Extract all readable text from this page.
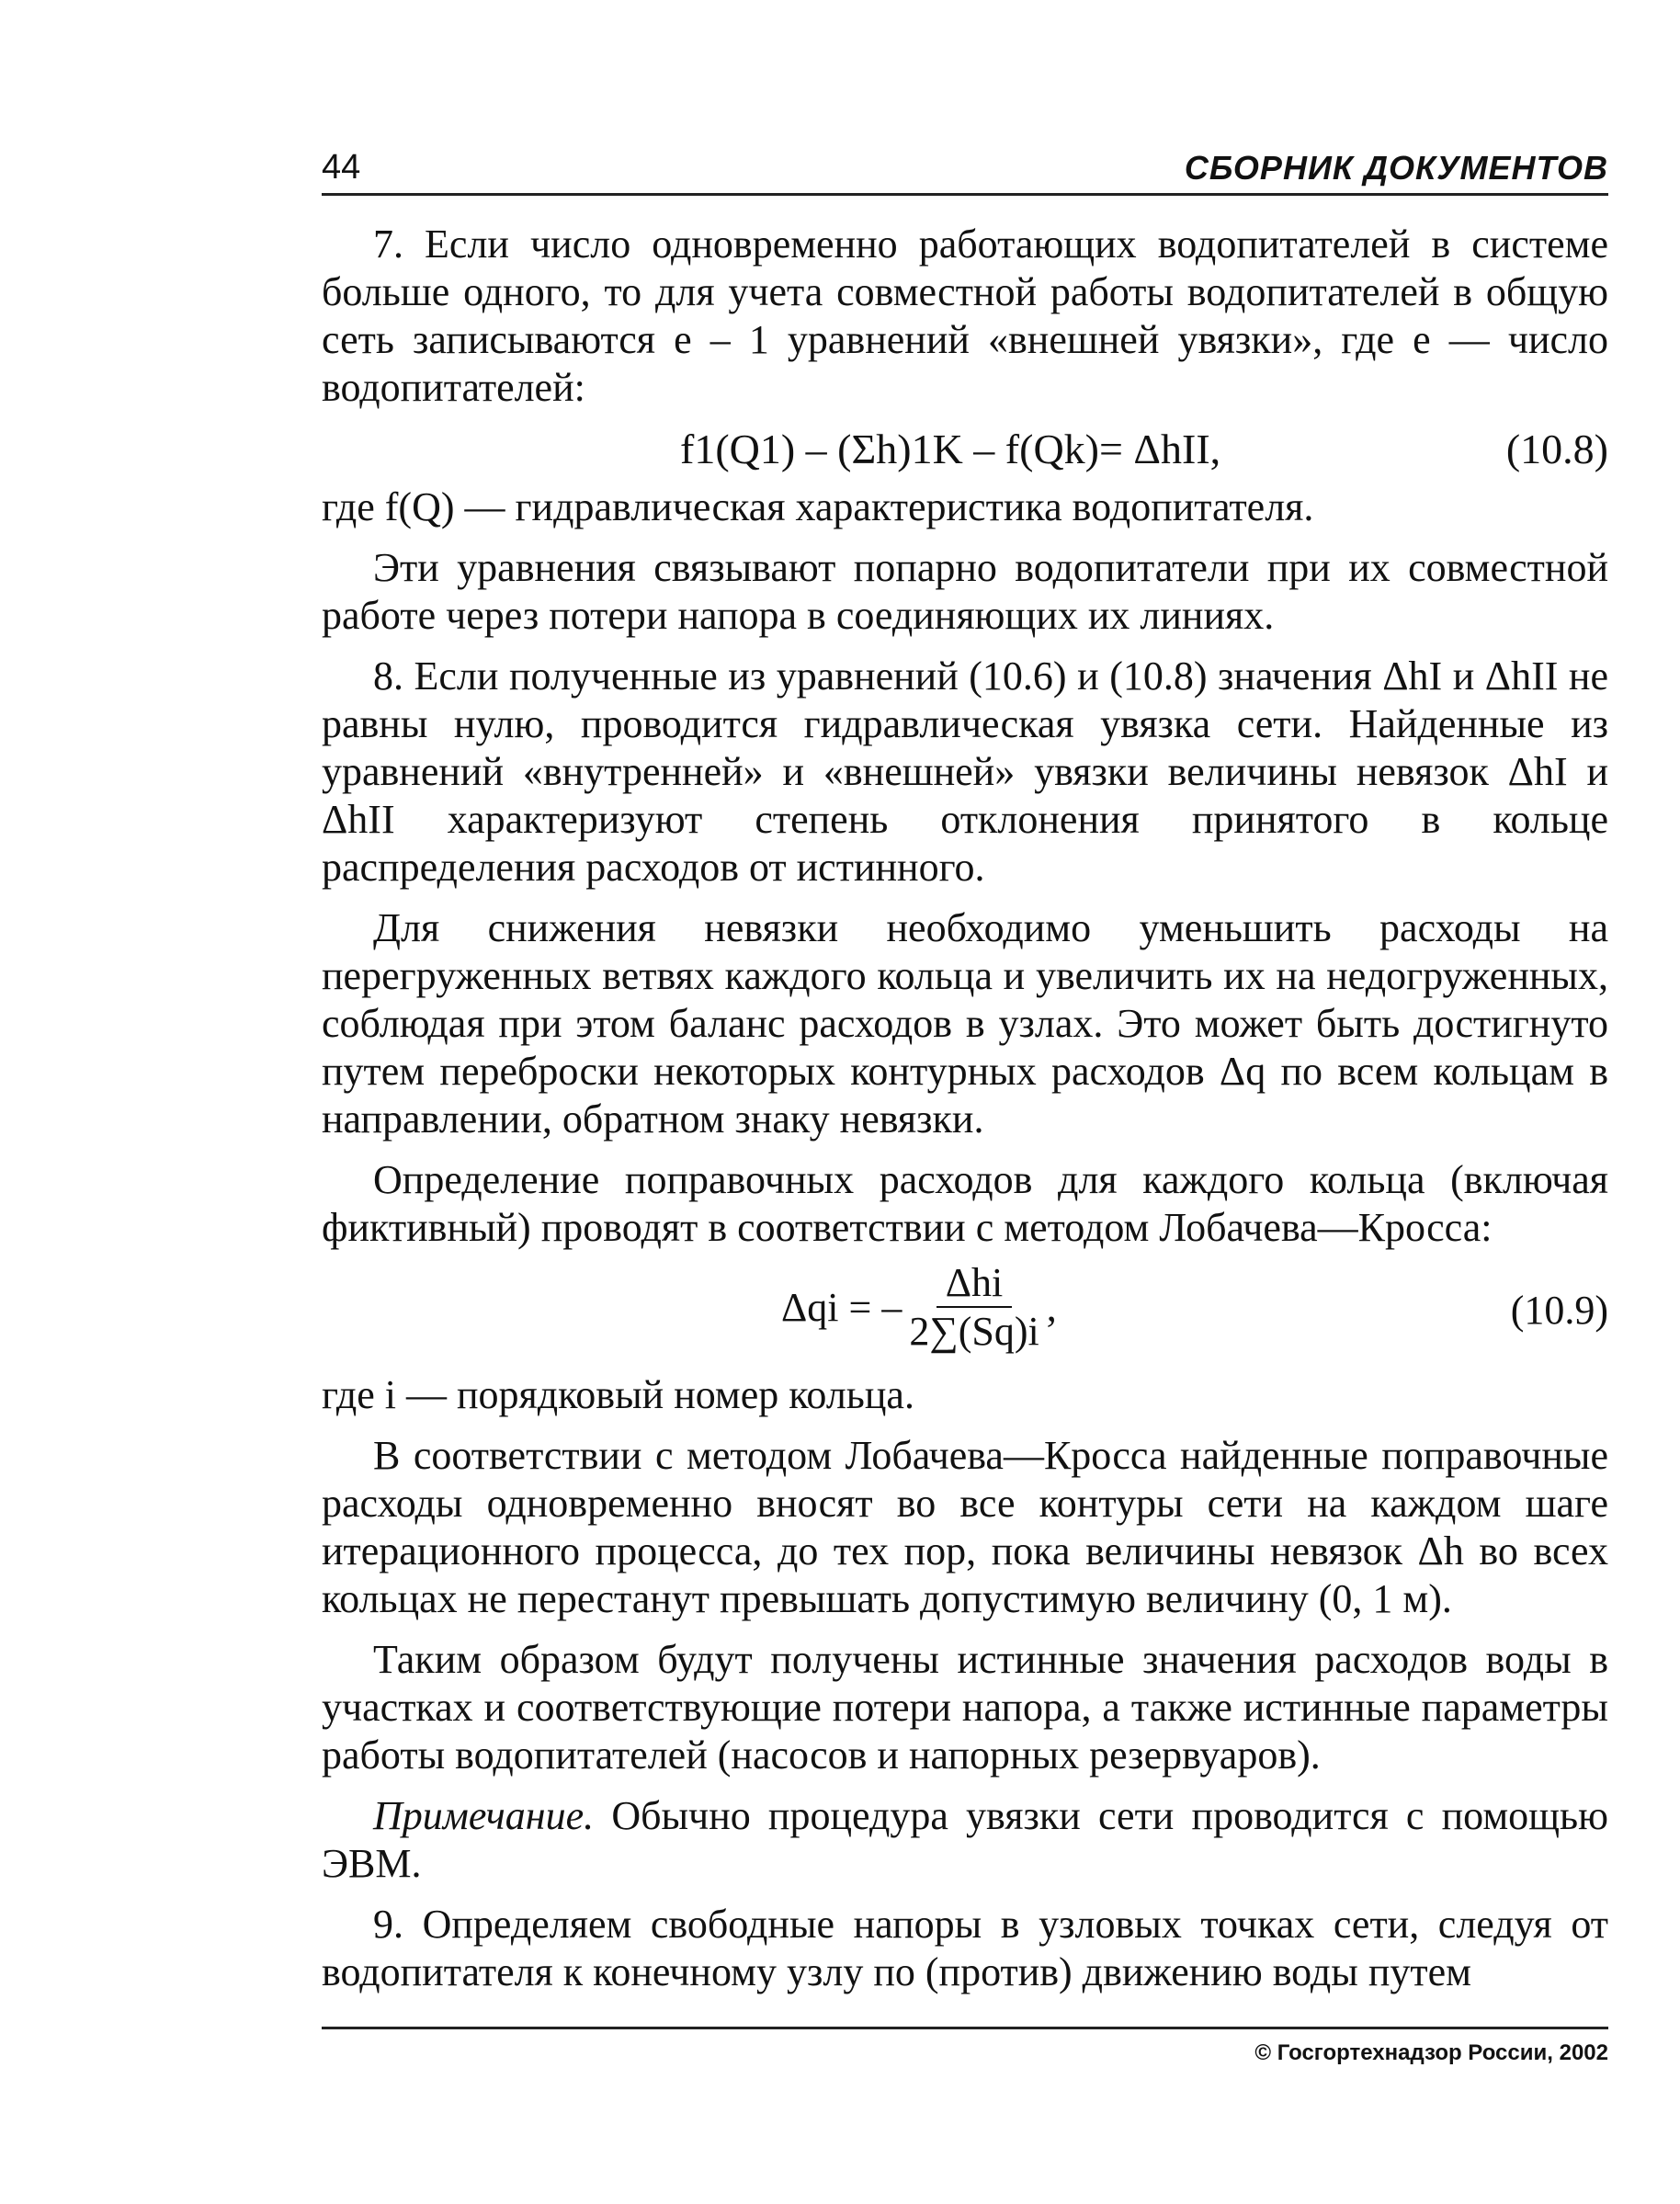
44	СБОРНИК ДОКУМЕНТОВ

7. Если число одновременно работающих водопитателей в системе больше одного, то для учета совместной работы водопитателей в общую сеть записываются e – 1 уравнений «внешней увязки», где e — число водопитателей:

f1(Q1) – (Σh)1K – f(Qk)= ΔhII,	(10.8)

где f(Q) — гидравлическая характеристика водопитателя.

Эти уравнения связывают попарно водопитатели при их совместной работе через потери напора в соединяющих их линиях.

8. Если полученные из уравнений (10.6) и (10.8) значения ΔhI и ΔhII не равны нулю, проводится гидравлическая увязка сети. Найденные из уравнений «внутренней» и «внешней» увязки величины невязок ΔhI и ΔhII характеризуют степень отклонения принятого в кольце распределения расходов от истинного.

Для снижения невязки необходимо уменьшить расходы на перегруженных ветвях каждого кольца и увеличить их на недогруженных, соблюдая при этом баланс расходов в узлах. Это может быть достигнуто путем переброски некоторых контурных расходов Δq по всем кольцам в направлении, обратном знаку невязки.

Определение поправочных расходов для каждого кольца (включая фиктивный) проводят в соответствии с методом Лобачева—Кросса:

Δqi = – $\frac{\text{Δhi}}{2\sum(Sq)i}$ ,	(10.9)

где i — порядковый номер кольца.

В соответствии с методом Лобачева—Кросса найденные поправочные расходы одновременно вносят во все контуры сети на каждом шаге итерационного процесса, до тех пор, пока величины невязок Δh во всех кольцах не перестанут превышать допустимую величину (0, 1 м).

Таким образом будут получены истинные значения расходов воды в участках и соответствующие потери напора, а также истинные параметры работы водопитателей (насосов и напорных резервуаров).

Примечание. Обычно процедура увязки сети проводится с помощью ЭВМ.

9. Определяем свободные напоры в узловых точках сети, следуя от водопитателя к конечному узлу по (против) движению воды путем

© Госгортехнадзор России, 2002
